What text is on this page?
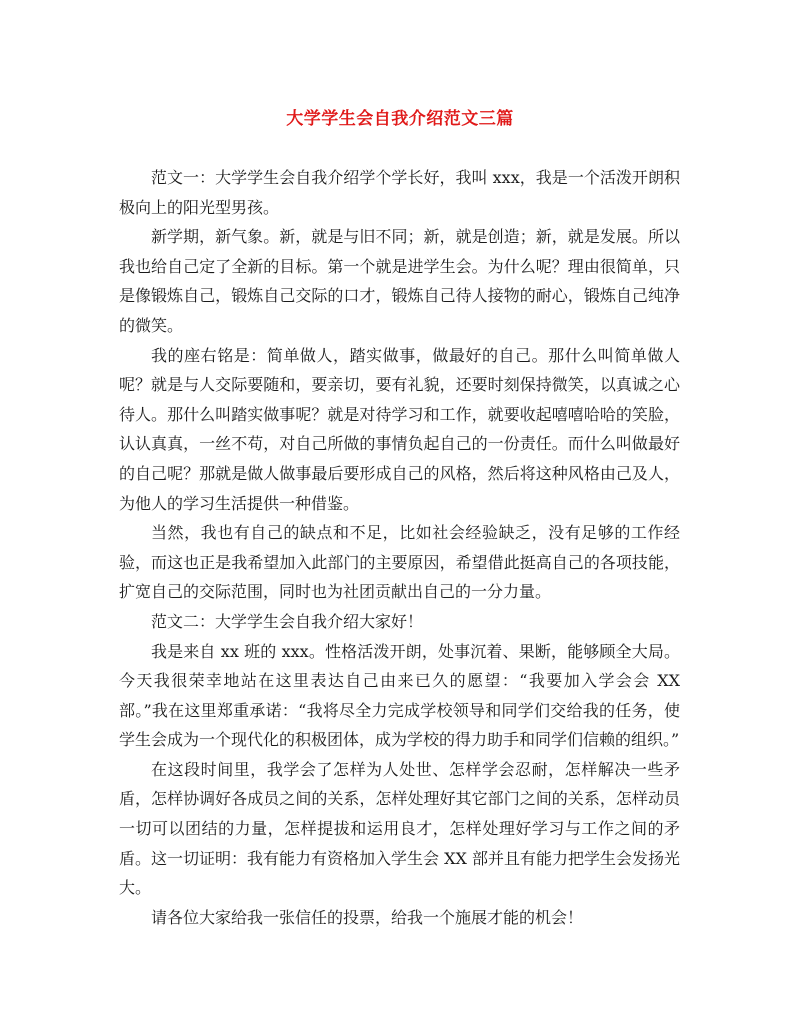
大学学生会自我介绍范文三篇

范文一：大学学生会自我介绍学个学长好，我叫 xxx，我是一个活泼开朗积极向上的阳光型男孩。

新学期，新气象。新，就是与旧不同；新，就是创造；新，就是发展。所以我也给自己定了全新的目标。第一个就是进学生会。为什么呢？理由很简单，只是像锻炼自己，锻炼自己交际的口才，锻炼自己待人接物的耐心，锻炼自己纯净的微笑。

我的座右铭是：简单做人，踏实做事，做最好的自己。那什么叫简单做人呢？就是与人交际要随和，要亲切，要有礼貌，还要时刻保持微笑，以真诚之心待人。那什么叫踏实做事呢？就是对待学习和工作，就要收起嘻嘻哈哈的笑脸，认认真真，一丝不苟，对自己所做的事情负起自己的一份责任。而什么叫做最好的自己呢？那就是做人做事最后要形成自己的风格，然后将这种风格由己及人，为他人的学习生活提供一种借鉴。

当然，我也有自己的缺点和不足，比如社会经验缺乏，没有足够的工作经验，而这也正是我希望加入此部门的主要原因，希望借此挺高自己的各项技能，扩宽自己的交际范围，同时也为社团贡献出自己的一分力量。

范文二：大学学生会自我介绍大家好！

我是来自 xx 班的 xxx。性格活泼开朗，处事沉着、果断，能够顾全大局。今天我很荣幸地站在这里表达自己由来已久的愿望：“我要加入学会会 XX 部。”我在这里郑重承诺：“我将尽全力完成学校领导和同学们交给我的任务，使学生会成为一个现代化的积极团体，成为学校的得力助手和同学们信赖的组织。”

在这段时间里，我学会了怎样为人处世、怎样学会忍耐，怎样解决一些矛盾，怎样协调好各成员之间的关系，怎样处理好其它部门之间的关系，怎样动员一切可以团结的力量，怎样提拔和运用良才，怎样处理好学习与工作之间的矛盾。这一切证明：我有能力有资格加入学生会 XX 部并且有能力把学生会发扬光大。

请各位大家给我一张信任的投票，给我一个施展才能的机会！
